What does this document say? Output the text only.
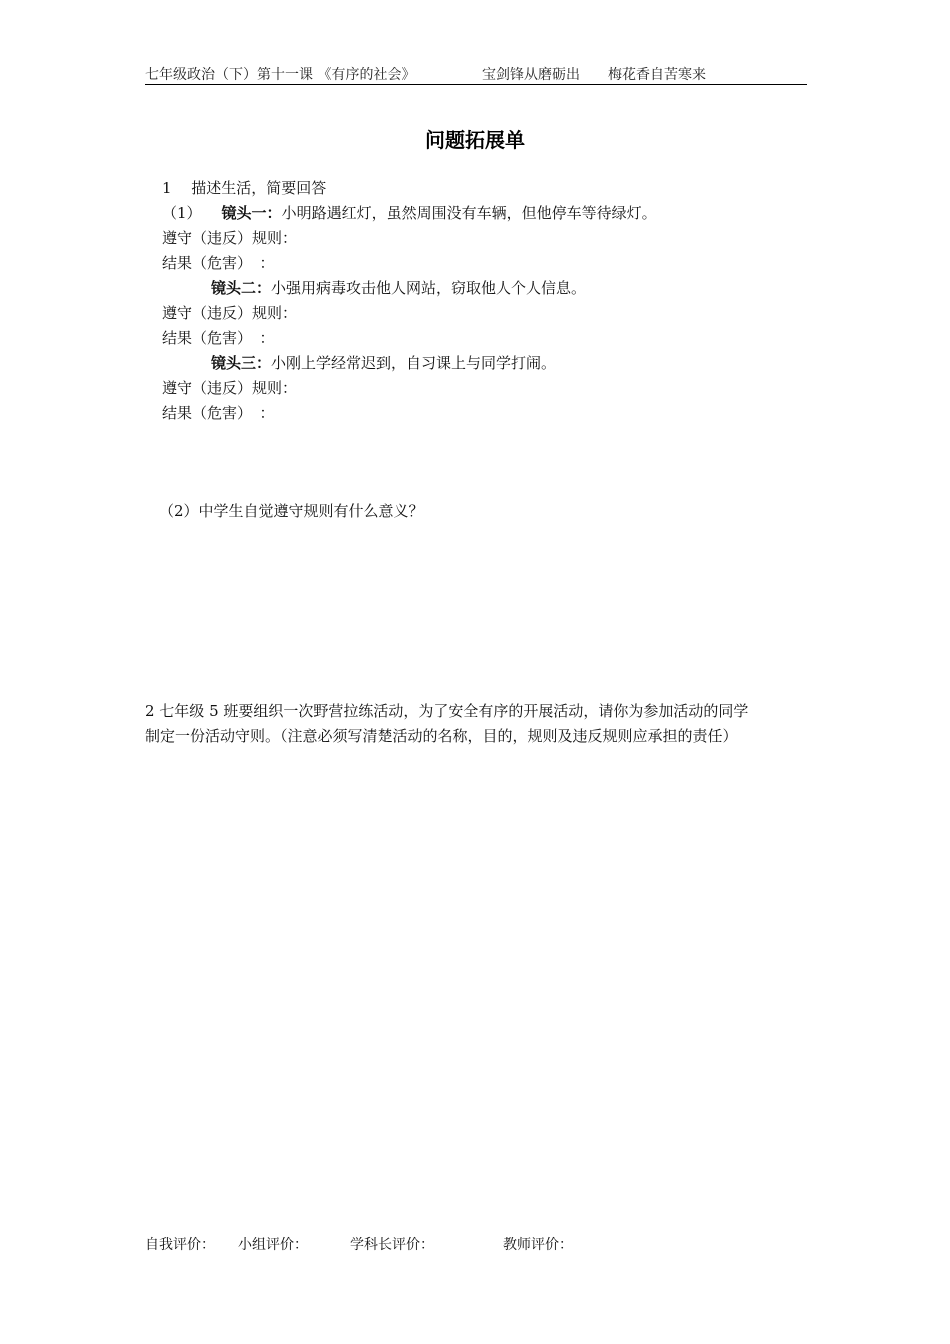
七年级政治（下）第十一课 《有序的社会》	宝剑锋从磨砺出　　梅花香自苦寒来
问题拓展单
1　 描述生活，简要回答
（1） 镜头一：小明路遇红灯，虽然周围没有车辆，但他停车等待绿灯。
遵守（违反）规则：
结果（危害）　：
镜头二：小强用病毒攻击他人网站，窃取他人个人信息。
遵守（违反）规则：
结果（危害）　：
镜头三：小刚上学经常迟到，自习课上与同学打闹。
遵守（违反）规则：
结果（危害）　：
（2）中学生自觉遵守规则有什么意义？
2 七年级 5 班要组织一次野营拉练活动，为了安全有序的开展活动，请你为参加活动的同学
制定一份活动守则。（注意必须写清楚活动的名称，目的，规则及违反规则应承担的责任）
自我评价： 小组评价：	学科长评价：	教师评价：
